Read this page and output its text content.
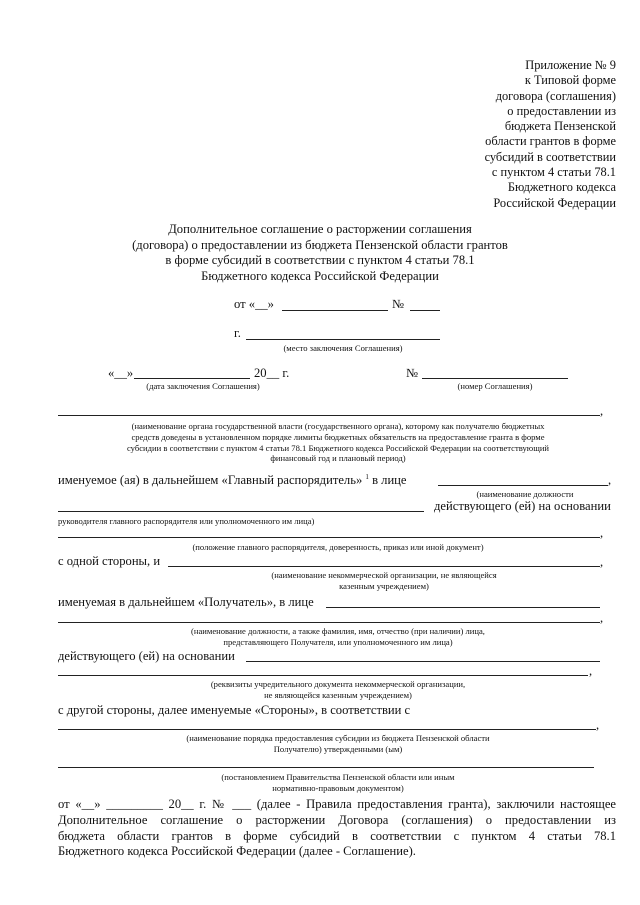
Приложение № 9
к Типовой форме
договора (соглашения)
о предоставлении из
бюджета Пензенской
области грантов в форме
субсидий в соответствии
с пунктом 4 статьи 78.1
Бюджетного кодекса
Российской Федерации
Дополнительное соглашение о расторжении соглашения
(договора) о предоставлении из бюджета Пензенской области грантов
в форме субсидий в соответствии с пунктом 4 статьи 78.1
Бюджетного кодекса Российской Федерации
от «__»	№
г.
(место заключения Соглашения)
«__»	20__ г.
(дата заключения Соглашения)
№
(номер Соглашения)
,
(наименование органа государственной власти (государственного органа), которому как получателю бюджетных
средств доведены в установленном порядке лимиты бюджетных обязательств на предоставление гранта в форме
субсидии в соответствии с пунктом 4 статьи 78.1 Бюджетного кодекса Российской Федерации на соответствующий
финансовый год и плановый период)
именуемое (ая) в дальнейшем «Главный распорядитель» $^1$ в лице	,
(наименование должности
действующего (ей) на основании
руководителя главного распорядителя или уполномоченного им лица)
,
(положение главного распорядителя, доверенность, приказ или иной документ)
с одной стороны, и	,
(наименование некоммерческой организации, не являющейся
казенным учреждением)
именуемая в дальнейшем «Получатель», в лице
,
(наименование должности, а также фамилия, имя, отчество (при наличии) лица,
представляющего Получателя, или уполномоченного им лица)
действующего (ей) на основании
,
(реквизиты учредительного документа некоммерческой организации,
не являющейся казенным учреждением)
с другой стороны, далее именуемые «Стороны», в соответствии с
,
(наименование порядка предоставления субсидии из бюджета Пензенской области
Получателю) утвержденными (ым)
(постановлением Правительства Пензенской области или иным
нормативно-правовым документом)
от «__» _________ 20__ г. № ___ (далее - Правила предоставления гранта), заключили настоящее
Дополнительное соглашение о расторжении Договора (соглашения) о предоставлении из
бюджета области грантов в форме субсидий в соответствии с пунктом 4 статьи 78.1
Бюджетного кодекса Российской Федерации (далее - Соглашение).
